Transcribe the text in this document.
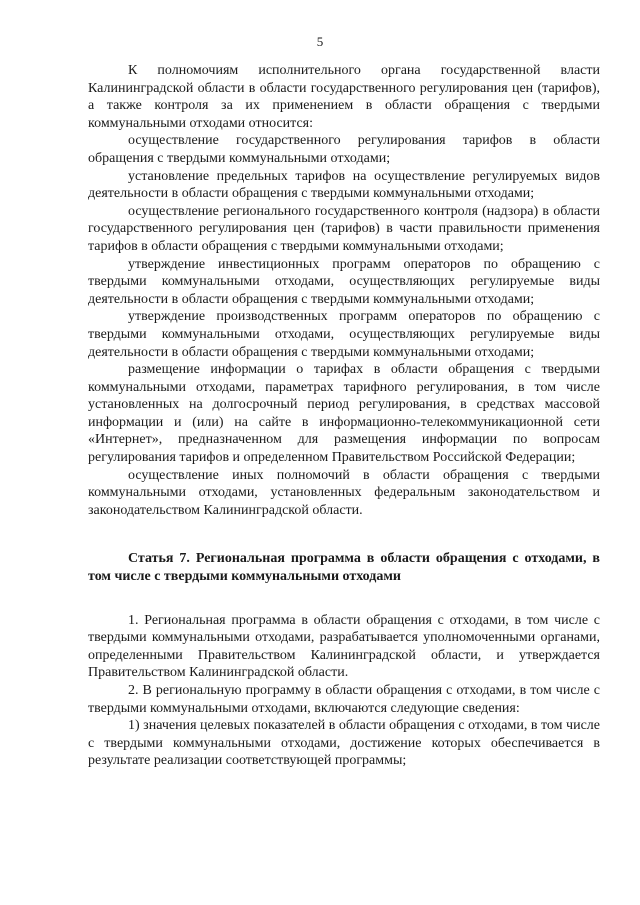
5

К полномочиям исполнительного органа государственной власти Калининградской области в области государственного регулирования цен (тарифов), а также контроля за их применением в области обращения с твердыми коммунальными отходами относится:

осуществление государственного регулирования тарифов в области обращения с твердыми коммунальными отходами;

установление предельных тарифов на осуществление регулируемых видов деятельности в области обращения с твердыми коммунальными отходами;

осуществление регионального государственного контроля (надзора) в области государственного регулирования цен (тарифов) в части правильности применения тарифов в области обращения с твердыми коммунальными отходами;

утверждение инвестиционных программ операторов по обращению с твердыми коммунальными отходами, осуществляющих регулируемые виды деятельности в области обращения с твердыми коммунальными отходами;

утверждение производственных программ операторов по обращению с твердыми коммунальными отходами, осуществляющих регулируемые виды деятельности в области обращения с твердыми коммунальными отходами;

размещение информации о тарифах в области обращения с твердыми коммунальными отходами, параметрах тарифного регулирования, в том числе установленных на долгосрочный период регулирования, в средствах массовой информации и (или) на сайте в информационно-телекоммуникационной сети «Интернет», предназначенном для размещения информации по вопросам регулирования тарифов и определенном Правительством Российской Федерации;

осуществление иных полномочий в области обращения с твердыми коммунальными отходами, установленных федеральным законодательством и законодательством Калининградской области.

Статья 7. Региональная программа в области обращения с отходами, в том числе с твердыми коммунальными отходами

1. Региональная программа в области обращения с отходами, в том числе с твердыми коммунальными отходами, разрабатывается уполномоченными органами, определенными Правительством Калининградской области, и утверждается Правительством Калининградской области.

2. В региональную программу в области обращения с отходами, в том числе с твердыми коммунальными отходами, включаются следующие сведения:

1) значения целевых показателей в области обращения с отходами, в том числе с твердыми коммунальными отходами, достижение которых обеспечивается в результате реализации соответствующей программы;
